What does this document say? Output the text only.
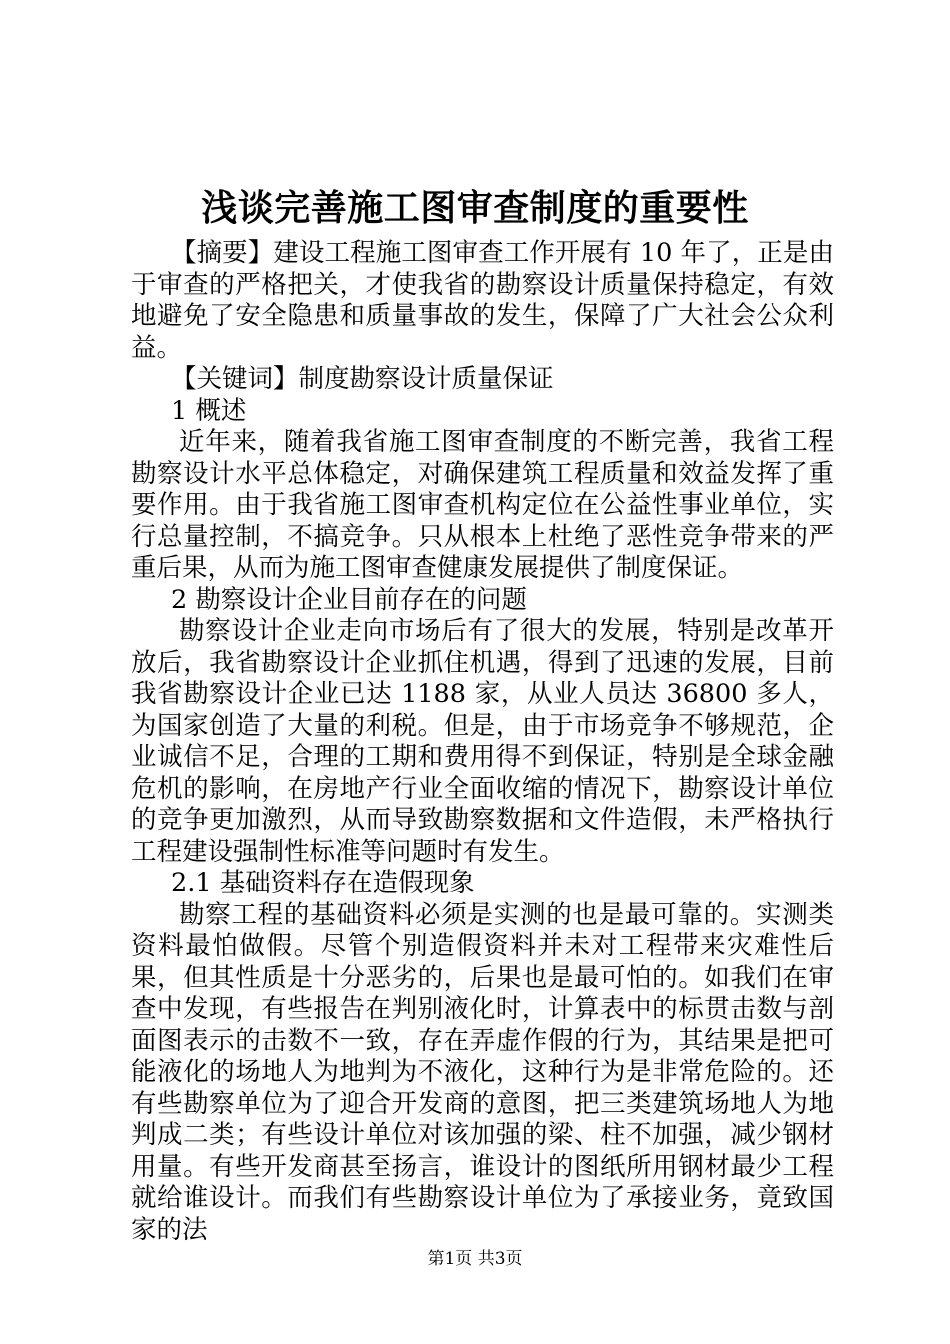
浅谈完善施工图审查制度的重要性

【摘要】建设工程施工图审查工作开展有 10 年了，正是由于审查的严格把关，才使我省的勘察设计质量保持稳定，有效地避免了安全隐患和质量事故的发生，保障了广大社会公众利益。

【关键词】制度勘察设计质量保证

1 概述

近年来，随着我省施工图审查制度的不断完善，我省工程勘察设计水平总体稳定，对确保建筑工程质量和效益发挥了重要作用。由于我省施工图审查机构定位在公益性事业单位，实行总量控制，不搞竞争。只从根本上杜绝了恶性竞争带来的严重后果，从而为施工图审查健康发展提供了制度保证。

2 勘察设计企业目前存在的问题

勘察设计企业走向市场后有了很大的发展，特别是改革开放后，我省勘察设计企业抓住机遇，得到了迅速的发展，目前我省勘察设计企业已达 1188 家，从业人员达 36800 多人，为国家创造了大量的利税。但是，由于市场竞争不够规范，企业诚信不足，合理的工期和费用得不到保证，特别是全球金融危机的影响，在房地产行业全面收缩的情况下，勘察设计单位的竞争更加激烈，从而导致勘察数据和文件造假，未严格执行工程建设强制性标准等问题时有发生。

2.1 基础资料存在造假现象

勘察工程的基础资料必须是实测的也是最可靠的。实测类资料最怕做假。尽管个别造假资料并未对工程带来灾难性后果，但其性质是十分恶劣的，后果也是最可怕的。如我们在审查中发现，有些报告在判别液化时，计算表中的标贯击数与剖面图表示的击数不一致，存在弄虚作假的行为，其结果是把可能液化的场地人为地判为不液化，这种行为是非常危险的。还有些勘察单位为了迎合开发商的意图，把三类建筑场地人为地判成二类；有些设计单位对该加强的梁、柱不加强，减少钢材用量。有些开发商甚至扬言，谁设计的图纸所用钢材最少工程就给谁设计。而我们有些勘察设计单位为了承接业务，竟致国家的法

第1页 共3页
